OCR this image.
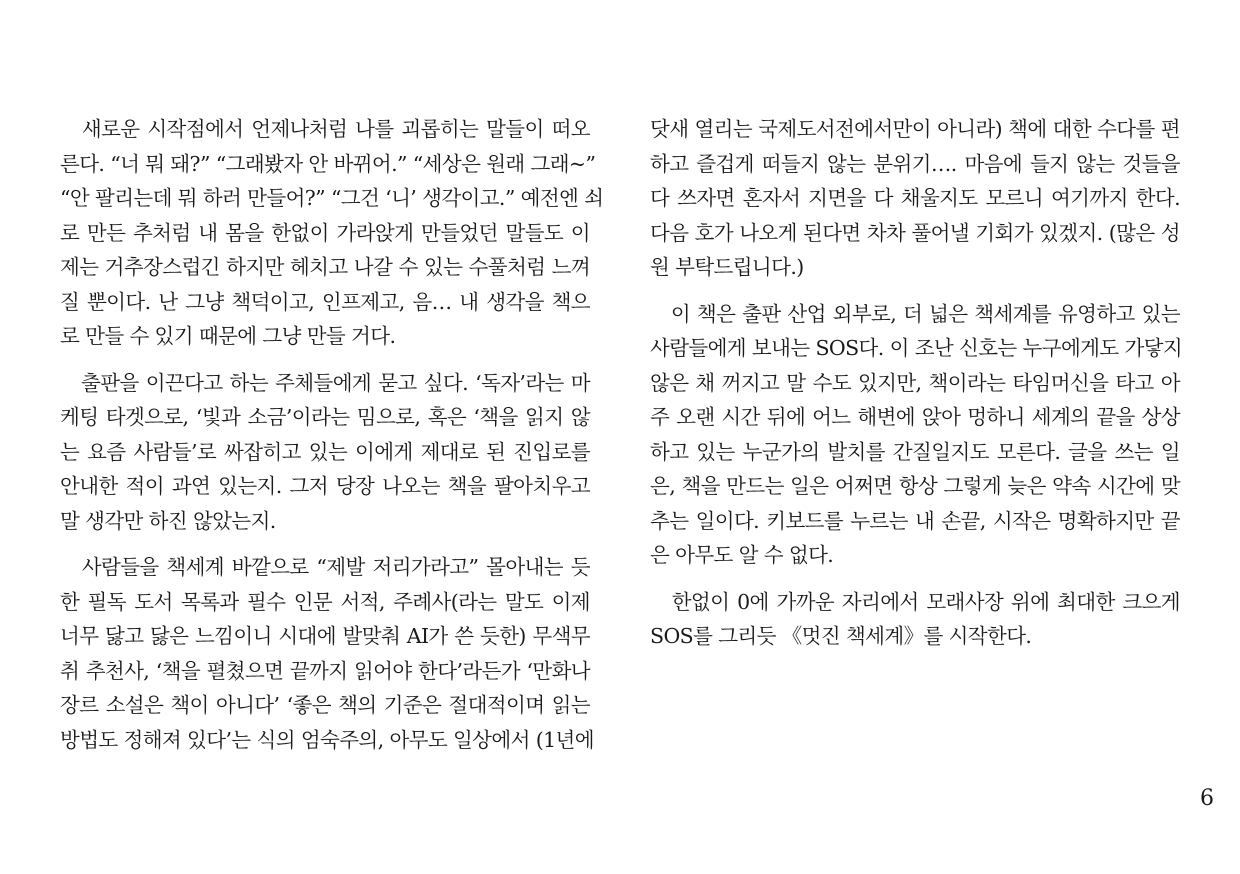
　새로운 시작점에서 언제나처럼 나를 괴롭히는 말들이 떠오
른다. “너 뭐 돼?” “그래봤자 안 바뀌어.” “세상은 원래 그래~”
“안 팔리는데 뭐 하러 만들어?” “그건 ‘니’ 생각이고.” 예전엔 쇠
로 만든 추처럼 내 몸을 한없이 가라앉게 만들었던 말들도 이
제는 거추장스럽긴 하지만 헤치고 나갈 수 있는 수풀처럼 느껴
질 뿐이다. 난 그냥 책덕이고, 인프제고, 음… 내 생각을 책으
로 만들 수 있기 때문에 그냥 만들 거다.

　출판을 이끈다고 하는 주체들에게 묻고 싶다. ‘독자’라는 마
케팅 타겟으로, ‘빛과 소금’이라는 밈으로, 혹은 ‘책을 읽지 않
는 요즘 사람들’로 싸잡히고 있는 이에게 제대로 된 진입로를
안내한 적이 과연 있는지. 그저 당장 나오는 책을 팔아치우고
말 생각만 하진 않았는지.

　사람들을 책세계 바깥으로 “제발 저리가라고” 몰아내는 듯
한 필독 도서 목록과 필수 인문 서적, 주례사(라는 말도 이제
너무 닳고 닳은 느낌이니 시대에 발맞춰 AI가 쓴 듯한) 무색무
취 추천사, ‘책을 펼쳤으면 끝까지 읽어야 한다’라든가 ‘만화나
장르 소설은 책이 아니다’ ‘좋은 책의 기준은 절대적이며 읽는
방법도 정해져 있다’는 식의 엄숙주의, 아무도 일상에서 (1년에

닷새 열리는 국제도서전에서만이 아니라) 책에 대한 수다를 편
하고 즐겁게 떠들지 않는 분위기…. 마음에 들지 않는 것들을
다 쓰자면 혼자서 지면을 다 채울지도 모르니 여기까지 한다.
다음 호가 나오게 된다면 차차 풀어낼 기회가 있겠지. (많은 성
원 부탁드립니다.)

　이 책은 출판 산업 외부로, 더 넓은 책세계를 유영하고 있는
사람들에게 보내는 SOS다. 이 조난 신호는 누구에게도 가닿지
않은 채 꺼지고 말 수도 있지만, 책이라는 타임머신을 타고 아
주 오랜 시간 뒤에 어느 해변에 앉아 멍하니 세계의 끝을 상상
하고 있는 누군가의 발치를 간질일지도 모른다. 글을 쓰는 일
은, 책을 만드는 일은 어쩌면 항상 그렇게 늦은 약속 시간에 맞
추는 일이다. 키보드를 누르는 내 손끝, 시작은 명확하지만 끝
은 아무도 알 수 없다.

　한없이 0에 가까운 자리에서 모래사장 위에 최대한 크으게
SOS를 그리듯 《멋진 책세계》를 시작한다.

6
